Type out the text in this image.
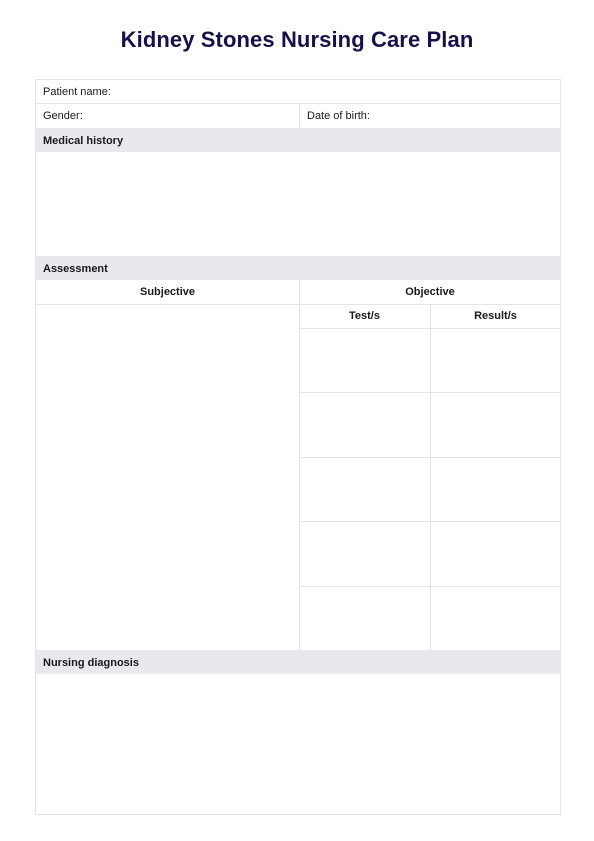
Kidney Stones Nursing Care Plan
Patient name:
Gender:	Date of birth:
Medical history
Assessment
Subjective	Objective
Test/s	Result/s
Nursing diagnosis
